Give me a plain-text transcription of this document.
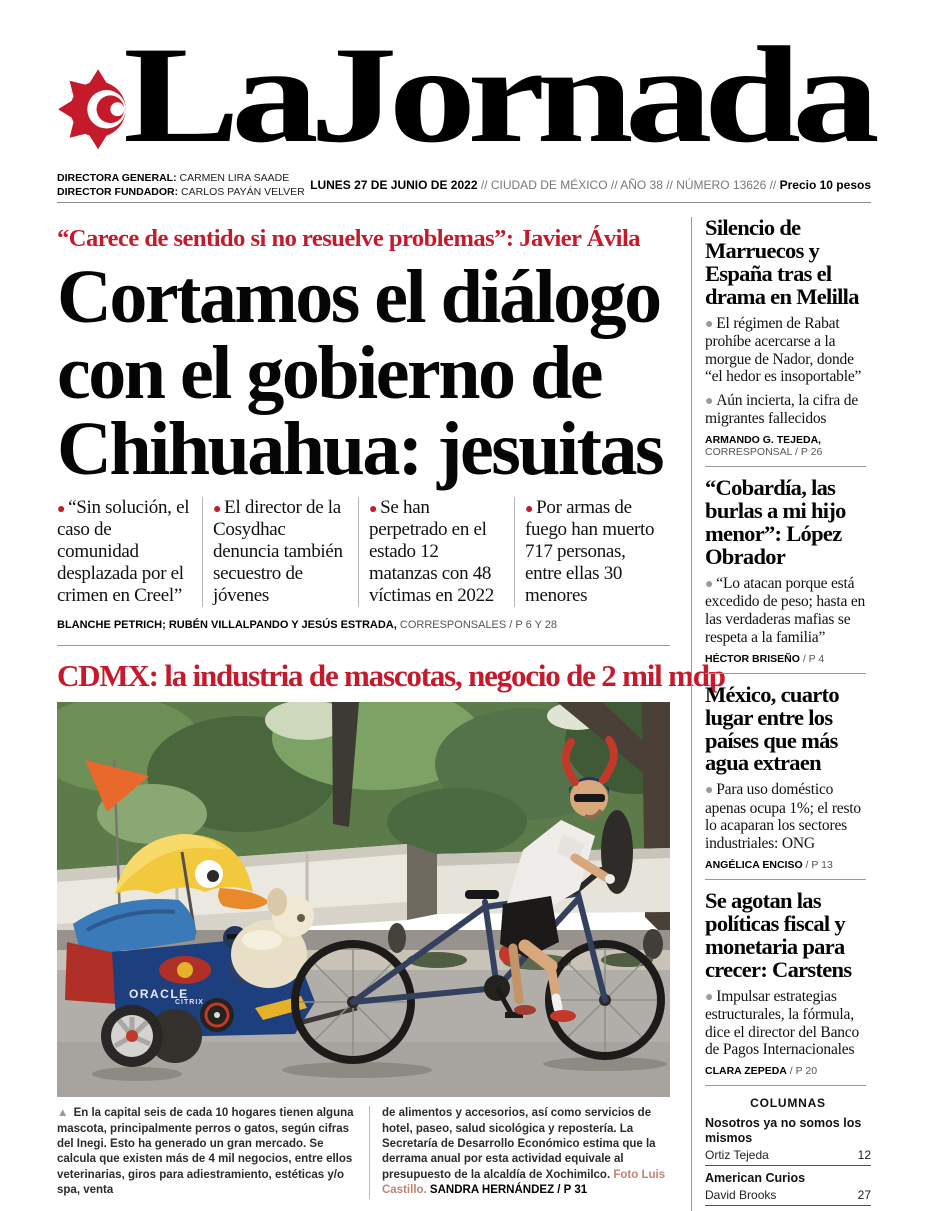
LaJornada
DIRECTORA GENERAL: CARMEN LIRA SAADE
DIRECTOR FUNDADOR: CARLOS PAYÁN VELVER
LUNES 27 DE JUNIO DE 2022 // CIUDAD DE MÉXICO // AÑO 38 // NÚMERO 13626 // Precio 10 pesos
“Carece de sentido si no resuelve problemas”: Javier Ávila
Cortamos el diálogo
con el gobierno de
Chihuahua: jesuitas
● “Sin solución, el caso de comunidad desplazada por el crimen en Creel”
● El director de la Cosydhac denuncia también secuestro de jóvenes
● Se han perpetrado en el estado 12 matanzas con 48 víctimas en 2022
● Por armas de fuego han muerto 717 personas, entre ellas 30 menores
BLANCHE PETRICH; RUBÉN VILLALPANDO Y JESÚS ESTRADA, CORRESPONSALES / P 6 Y 28
CDMX: la industria de mascotas, negocio de 2 mil mdp
ORACLE
CITRIX
▲ En la capital seis de cada 10 hogares tienen alguna mascota, principalmente perros o gatos, según cifras del Inegi. Esto ha generado un gran mercado. Se calcula que existen más de 4 mil negocios, entre ellos veterinarias, giros para adiestramiento, estéticas y/o spa, venta
de alimentos y accesorios, así como servicios de hotel, paseo, salud sicológica y repostería. La Secretaría de Desarrollo Económico estima que la derrama anual por esta actividad equivale al presupuesto de la alcaldía de Xochimilco. Foto Luis Castillo. SANDRA HERNÁNDEZ / P 31
Silencio de Marruecos y España tras el drama en Melilla
● El régimen de Rabat prohíbe acercarse a la morgue de Nador, donde “el hedor es insoportable”
● Aún incierta, la cifra de migrantes fallecidos
ARMANDO G. TEJEDA, CORRESPONSAL / P 26
“Cobardía, las burlas a mi hijo menor”: López Obrador
● “Lo atacan porque está excedido de peso; hasta en las verdaderas mafias se respeta a la familia”
HÉCTOR BRISEÑO / P 4
México, cuarto lugar entre los países que más agua extraen
● Para uso doméstico apenas ocupa 1%; el resto lo acaparan los sectores industriales: ONG
ANGÉLICA ENCISO / P 13
Se agotan las políticas fiscal y monetaria para crecer: Carstens
● Impulsar estrategias estructurales, la fórmula, dice el director del Banco de Pagos Internacionales
CLARA ZEPEDA / P 20
COLUMNAS
Nosotros ya no somos los mismos
Ortiz Tejeda	12
American Curios
David Brooks	27
